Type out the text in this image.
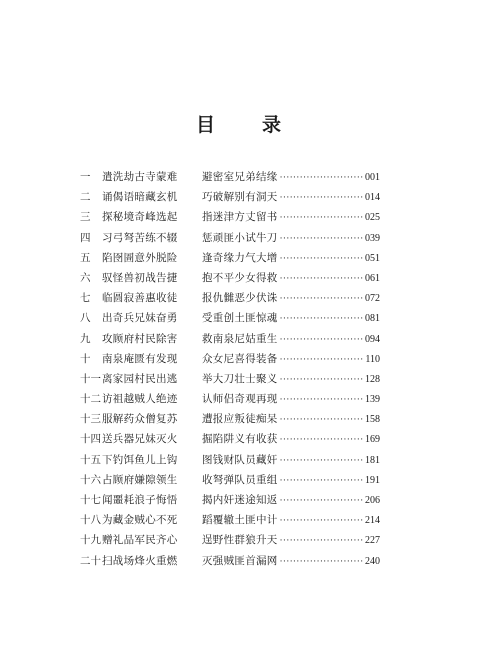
目　录
一	遣洗劫古寺蒙难	避密室兄弟结缘 ·····	001
二	诵偈语暗藏玄机	巧破解别有洞天 ·····	014
三	探秘境奇峰选起	指迷津方丈留书 ·····	025
四	习弓弩苦练不辍	惩顽匪小试牛刀 ·····	039
五	陷囹圄意外脱险	逢奇缘力气大增 ·····	051
六	驭怪兽初战告捷	抱不平少女得救 ·····	061
七	临圆寂善惠收徒	报仇雠恶少伏诛 ·····	072
八	出奇兵兄妹奋勇	受重创土匪惊魂 ·····	081
九	攻顾府村民除害	救南泉尼姑重生 ·····	094
十	南泉庵匮有发现	众女尼喜得装备 ·····	110
十一 离家园村民出逃	举大刀壮士聚义 ·····	128
十二 访祖越贼人绝迹	认师侣奇观再现 ·····	139
十三 服解药众僧复苏	遭报应叛徒痴呆 ·····	158
十四 送兵器兄妹灭火	掘陷阱义有收获 ·····	169
十五 下钓饵鱼儿上钩	图钱财队员藏奸 ·····	181
十六 占顾府嫌隙领生	收弩弹队员重组 ·····	191
十七 闻噩耗浪子悔悟	揭内奸迷途知返 ·····	206
十八 为藏金贼心不死	蹈覆辙土匪中计 ·····	214
十九 赠礼品军民齐心	逞野性群狼升天 ·····	227
二十 扫战场烽火重燃	灭强贼匪首漏网 ·····	240
